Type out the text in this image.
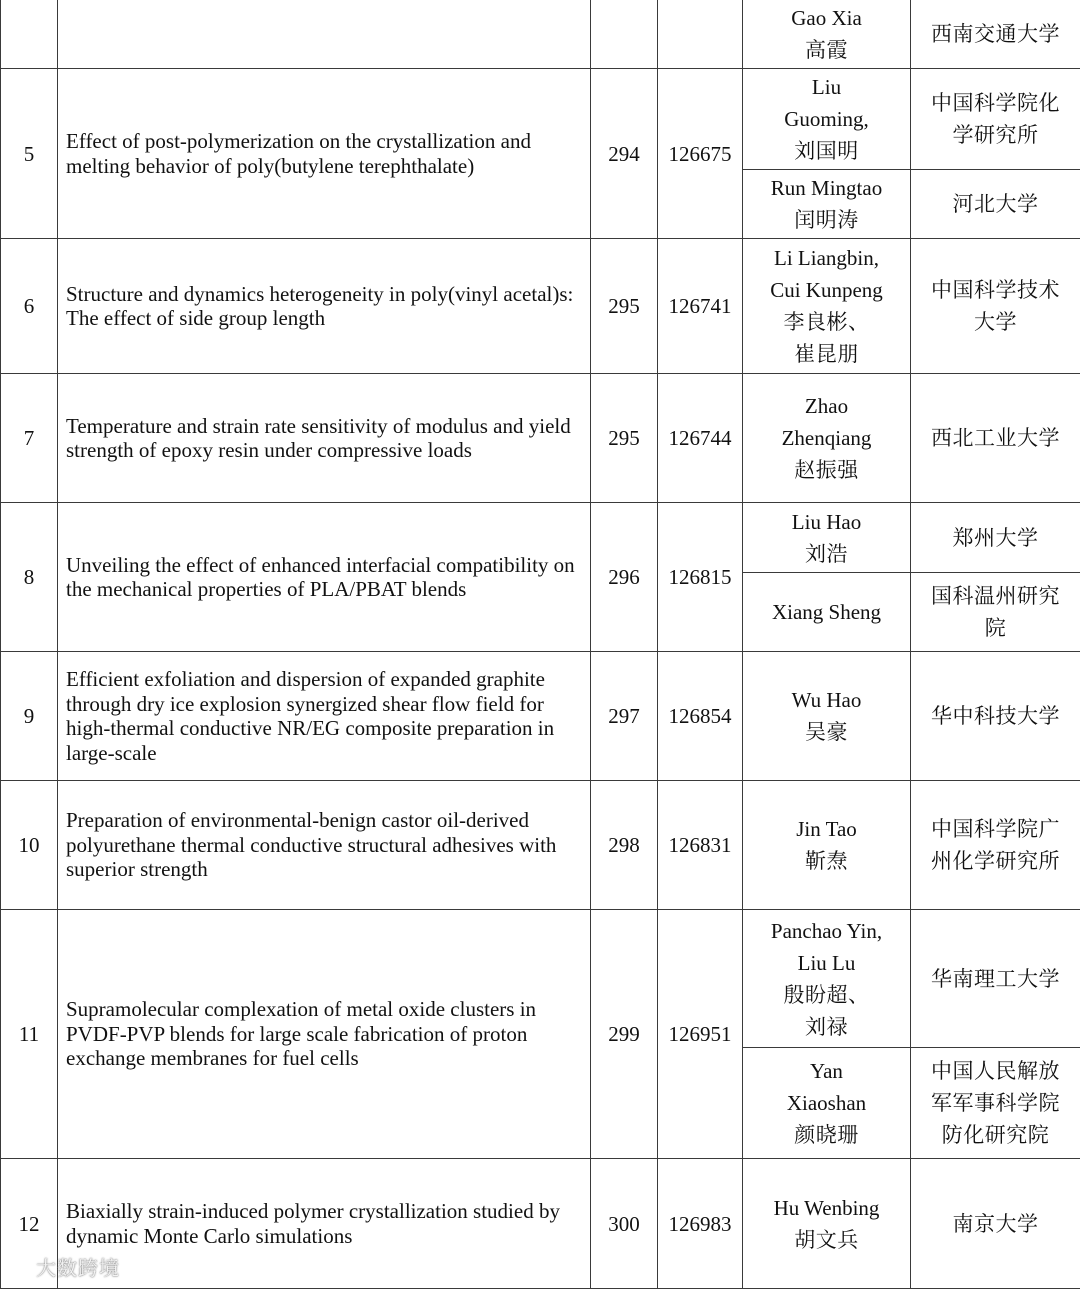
				Gao Xia
高霞	西南交通大学

5	Effect of post-polymerization on the crystallization and
melting behavior of poly(butylene terephthalate)	294	126675	Liu
Guoming,
刘国明	中国科学院化
学研究所

				Run Mingtao
闰明涛	河北大学

6	Structure and dynamics heterogeneity in poly(vinyl acetal)s:
The effect of side group length	295	126741	Li Liangbin,
Cui Kunpeng
李良彬、
崔昆朋	中国科学技术
大学

7	Temperature and strain rate sensitivity of modulus and yield
strength of epoxy resin under compressive loads	295	126744	Zhao
Zhenqiang
赵振强	西北工业大学

8	Unveiling the effect of enhanced interfacial compatibility on
the mechanical properties of PLA/PBAT blends	296	126815	Liu Hao
刘浩	郑州大学

				Xiang Sheng	国科温州研究
院

9	Efficient exfoliation and dispersion of expanded graphite
through dry ice explosion synergized shear flow field for
high-thermal conductive NR/EG composite preparation in
large-scale	297	126854	Wu Hao
吴豪	华中科技大学

10	Preparation of environmental-benign castor oil-derived
polyurethane thermal conductive structural adhesives with
superior strength	298	126831	Jin Tao
靳焘	中国科学院广
州化学研究所

11	Supramolecular complexation of metal oxide clusters in
PVDF-PVP blends for large scale fabrication of proton
exchange membranes for fuel cells	299	126951	Panchao Yin,
Liu Lu
殷盼超、
刘禄	华南理工大学

				Yan
Xiaoshan
颜晓珊	中国人民解放
军军事科学院
防化研究院

12	Biaxially strain-induced polymer crystallization studied by
dynamic Monte Carlo simulations	300	126983	Hu Wenbing
胡文兵	南京大学
大数跨境
